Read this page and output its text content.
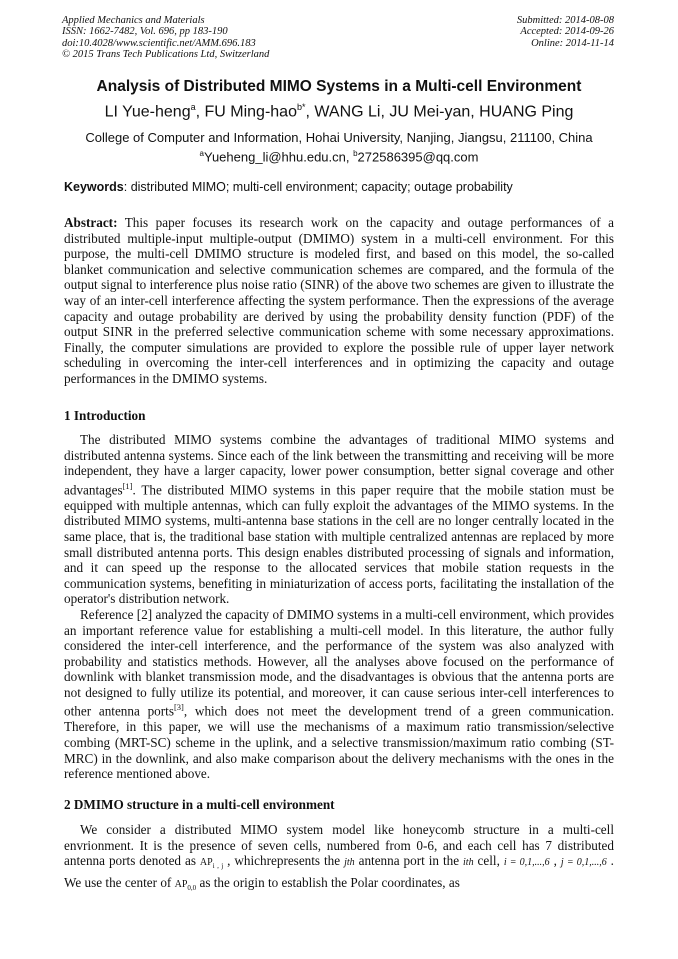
Applied Mechanics and Materials
ISSN: 1662-7482, Vol. 696, pp 183-190
doi:10.4028/www.scientific.net/AMM.696.183
© 2015 Trans Tech Publications Ltd, Switzerland
Submitted: 2014-08-08
Accepted: 2014-09-26
Online: 2014-11-14
Analysis of Distributed MIMO Systems in a Multi-cell Environment
LI Yue-heng$^a$, FU Ming-hao$^{b*}$, WANG Li, JU Mei-yan, HUANG Ping
College of Computer and Information, Hohai University, Nanjing, Jiangsu, 211100, China
$^a$Yueheng_li@hhu.edu.cn, $^b$272586395@qq.com
Keywords: distributed MIMO; multi-cell environment; capacity; outage probability

Abstract: This paper focuses its research work on the capacity and outage performances of a distributed multiple-input multiple-output (DMIMO) system in a multi-cell environment. For this purpose, the multi-cell DMIMO structure is modeled first, and based on this model, the so-called blanket communication and selective communication schemes are compared, and the formula of the output signal to interference plus noise ratio (SINR) of the above two schemes are given to illustrate the way of an inter-cell interference affecting the system performance. Then the expressions of the average capacity and outage probability are derived by using the probability density function (PDF) of the output SINR in the preferred selective communication scheme with some necessary approximations. Finally, the computer simulations are provided to explore the possible rule of upper layer network scheduling in overcoming the inter-cell interferences and in optimizing the capacity and outage performances in the DMIMO systems.

1 Introduction

The distributed MIMO systems combine the advantages of traditional MIMO systems and distributed antenna systems. Since each of the link between the transmitting and receiving will be more independent, they have a larger capacity, lower power consumption, better signal coverage and other advantages[1]. The distributed MIMO systems in this paper require that the mobile station must be equipped with multiple antennas, which can fully exploit the advantages of the MIMO systems. In the distributed MIMO systems, multi-antenna base stations in the cell are no longer centrally located in the same place, that is, the traditional base station with multiple centralized antennas are replaced by more small distributed antenna ports. This design enables distributed processing of signals and information, and it can speed up the response to the allocated services that mobile station requests in the communication systems, benefiting in miniaturization of access ports, facilitating the installation of the operator's distribution network.

Reference [2] analyzed the capacity of DMIMO systems in a multi-cell environment, which provides an important reference value for establishing a multi-cell model. In this literature, the author fully considered the inter-cell interference, and the performance of the system was also analyzed with probability and statistics methods. However, all the analyses above focused on the performance of downlink with blanket transmission mode, and the disadvantages is obvious that the antenna ports are not designed to fully utilize its potential, and moreover, it can cause serious inter-cell interferences to other antenna ports[3], which does not meet the development trend of a green communication. Therefore, in this paper, we will use the mechanisms of a maximum ratio transmission/selective combing (MRT-SC) scheme in the uplink, and a selective transmission/maximum ratio combing (ST-MRC) in the downlink, and also make comparison about the delivery mechanisms with the ones in the reference mentioned above.

2 DMIMO structure in a multi-cell environment

We consider a distributed MIMO system model like honeycomb structure in a multi-cell envrionment. It is the presence of seven cells, numbered from 0-6, and each cell has 7 distributed antenna ports denoted as $AP_{i , j}$ , whichrepresents the jth antenna port in the ith cell, i = 0,1,...,6 , j = 0,1,...,6 . We use the center of $AP_{0,0}$ as the origin to establish the Polar coordinates, as
